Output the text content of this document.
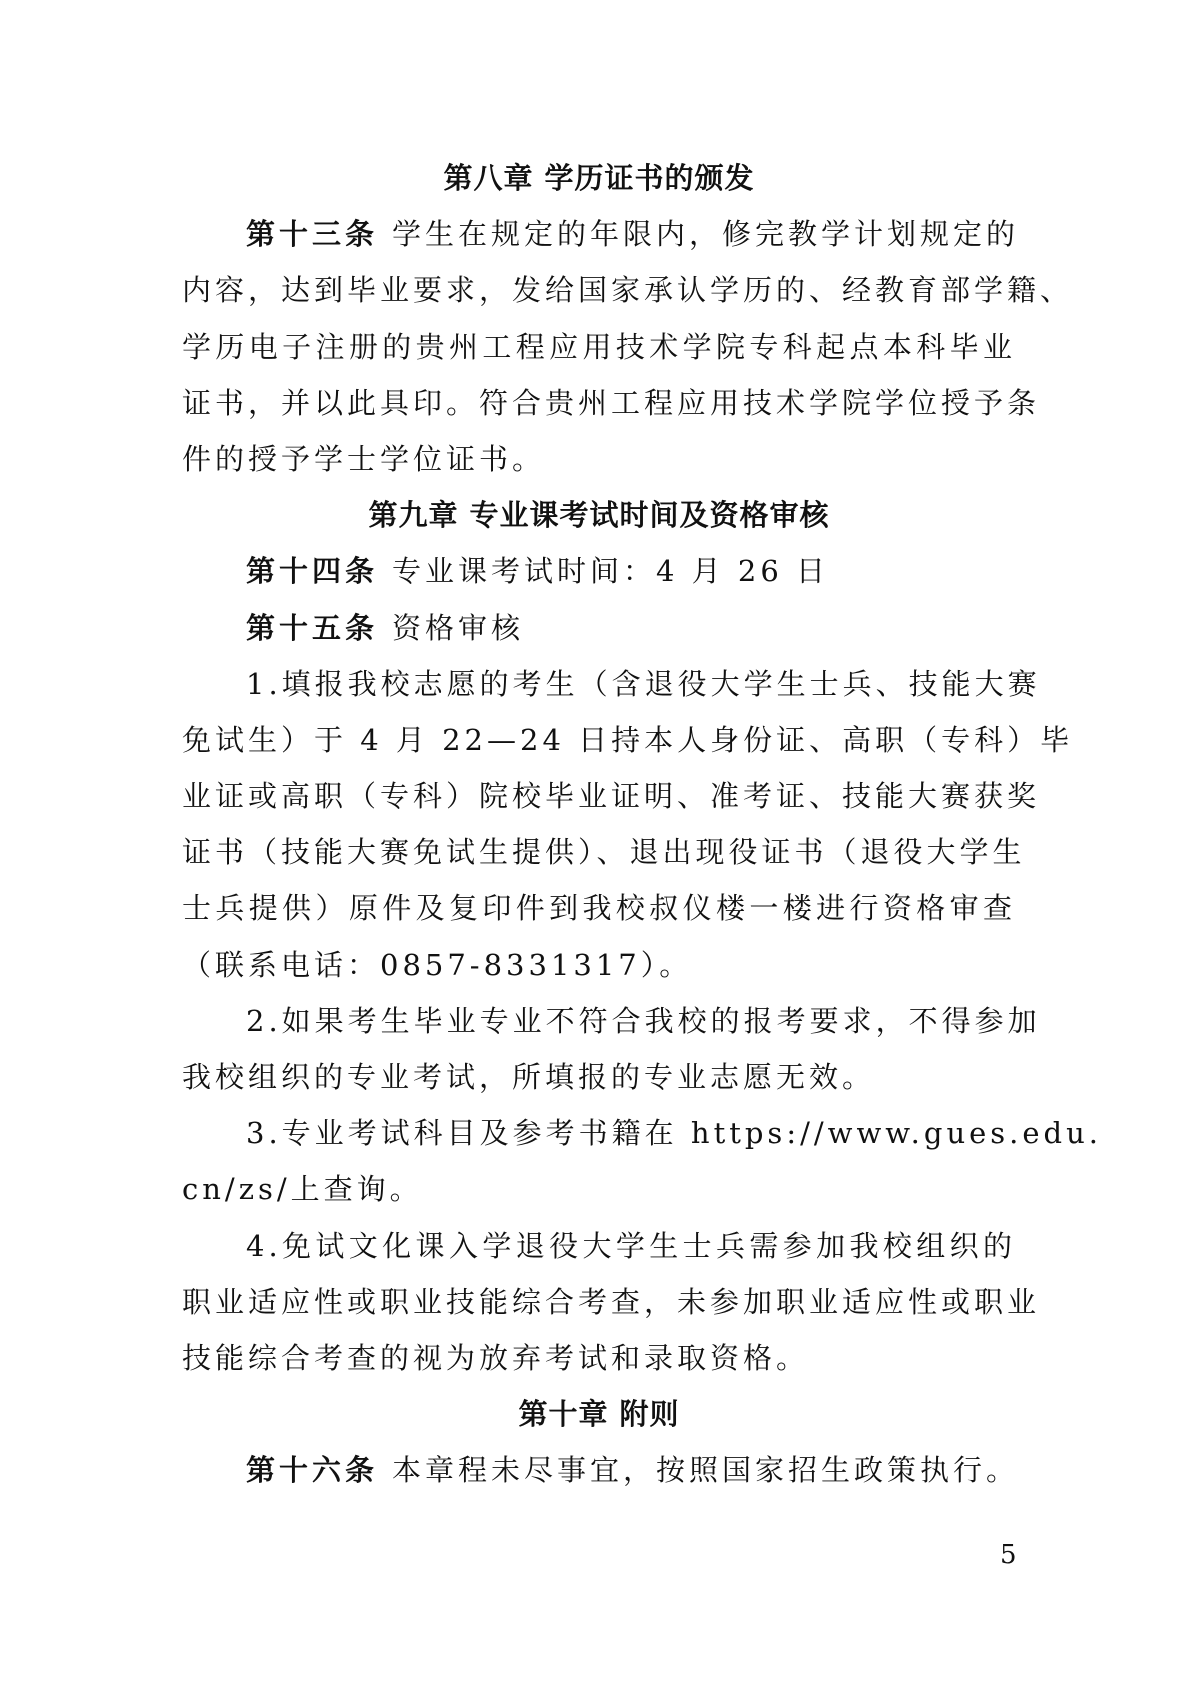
第八章 学历证书的颁发
第十三条 学生在规定的年限内，修完教学计划规定的
内容，达到毕业要求，发给国家承认学历的、经教育部学籍、
学历电子注册的贵州工程应用技术学院专科起点本科毕业
证书，并以此具印。符合贵州工程应用技术学院学位授予条
件的授予学士学位证书。
第九章 专业课考试时间及资格审核
第十四条 专业课考试时间：4 月 26 日
第十五条 资格审核
1.填报我校志愿的考生（含退役大学生士兵、技能大赛
免试生）于 4 月 22—24 日持本人身份证、高职（专科）毕
业证或高职（专科）院校毕业证明、准考证、技能大赛获奖
证书（技能大赛免试生提供）、退出现役证书（退役大学生
士兵提供）原件及复印件到我校叔仪楼一楼进行资格审查
（联系电话：0857-8331317）。
2.如果考生毕业专业不符合我校的报考要求，不得参加
我校组织的专业考试，所填报的专业志愿无效。
3.专业考试科目及参考书籍在 https://www.gues.edu.
cn/zs/上查询。
4.免试文化课入学退役大学生士兵需参加我校组织的
职业适应性或职业技能综合考查，未参加职业适应性或职业
技能综合考查的视为放弃考试和录取资格。
第十章 附则
第十六条 本章程未尽事宜，按照国家招生政策执行。
5
